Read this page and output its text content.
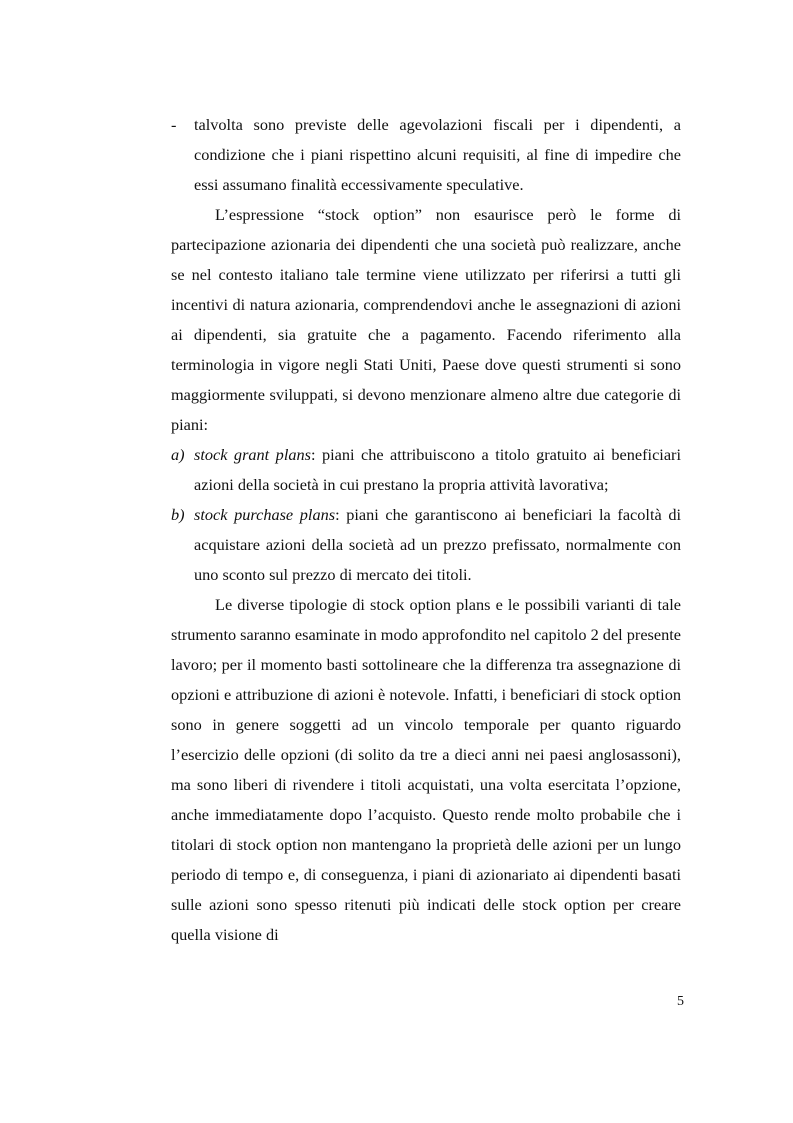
- talvolta sono previste delle agevolazioni fiscali per i dipendenti, a condizione che i piani rispettino alcuni requisiti, al fine di impedire che essi assumano finalità eccessivamente speculative.

L’espressione “stock option” non esaurisce però le forme di partecipazione azionaria dei dipendenti che una società può realizzare, anche se nel contesto italiano tale termine viene utilizzato per riferirsi a tutti gli incentivi di natura azionaria, comprendendovi anche le assegnazioni di azioni ai dipendenti, sia gratuite che a pagamento. Facendo riferimento alla terminologia in vigore negli Stati Uniti, Paese dove questi strumenti si sono maggiormente sviluppati, si devono menzionare almeno altre due categorie di piani:

a) stock grant plans: piani che attribuiscono a titolo gratuito ai beneficiari azioni della società in cui prestano la propria attività lavorativa;

b) stock purchase plans: piani che garantiscono ai beneficiari la facoltà di acquistare azioni della società ad un prezzo prefissato, normalmente con uno sconto sul prezzo di mercato dei titoli.

Le diverse tipologie di stock option plans e le possibili varianti di tale strumento saranno esaminate in modo approfondito nel capitolo 2 del presente lavoro; per il momento basti sottolineare che la differenza tra assegnazione di opzioni e attribuzione di azioni è notevole. Infatti, i beneficiari di stock option sono in genere soggetti ad un vincolo temporale per quanto riguardo l’esercizio delle opzioni (di solito da tre a dieci anni nei paesi anglosassoni), ma sono liberi di rivendere i titoli acquistati, una volta esercitata l’opzione, anche immediatamente dopo l’acquisto. Questo rende molto probabile che i titolari di stock option non mantengano la proprietà delle azioni per un lungo periodo di tempo e, di conseguenza, i piani di azionariato ai dipendenti basati sulle azioni sono spesso ritenuti più indicati delle stock option per creare quella visione di

5
